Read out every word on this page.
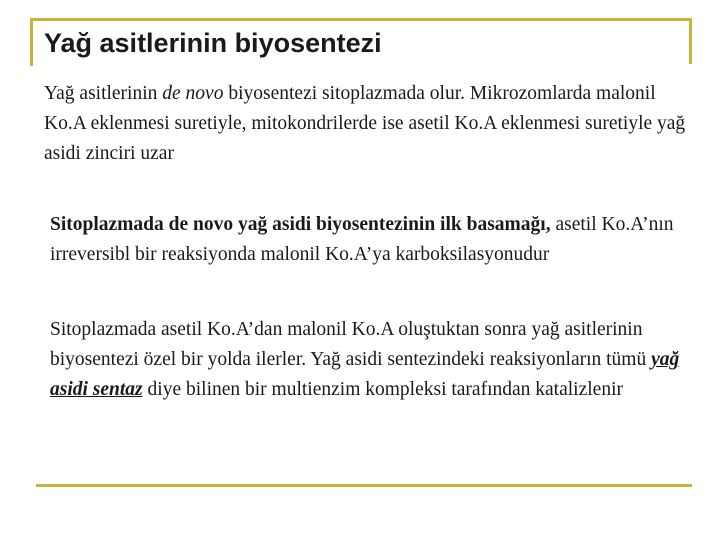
Yağ asitlerinin biyosentezi

Yağ asitlerinin de novo biyosentezi sitoplazmada olur. Mikrozomlarda malonil Ko.A eklenmesi suretiyle, mitokondrilerde ise asetil Ko.A eklenmesi suretiyle yağ asidi zinciri uzar

Sitoplazmada de novo yağ asidi biyosentezinin ilk basamağı, asetil Ko.A’nın irreversibl bir reaksiyonda malonil Ko.A’ya karboksilasyonudur

Sitoplazmada asetil Ko.A’dan malonil Ko.A oluştuktan sonra yağ asitlerinin biyosentezi özel bir yolda ilerler. Yağ asidi sentezindeki reaksiyonların tümü yağ asidi sentaz diye bilinen bir multienzim kompleksi tarafından katalizlenir
